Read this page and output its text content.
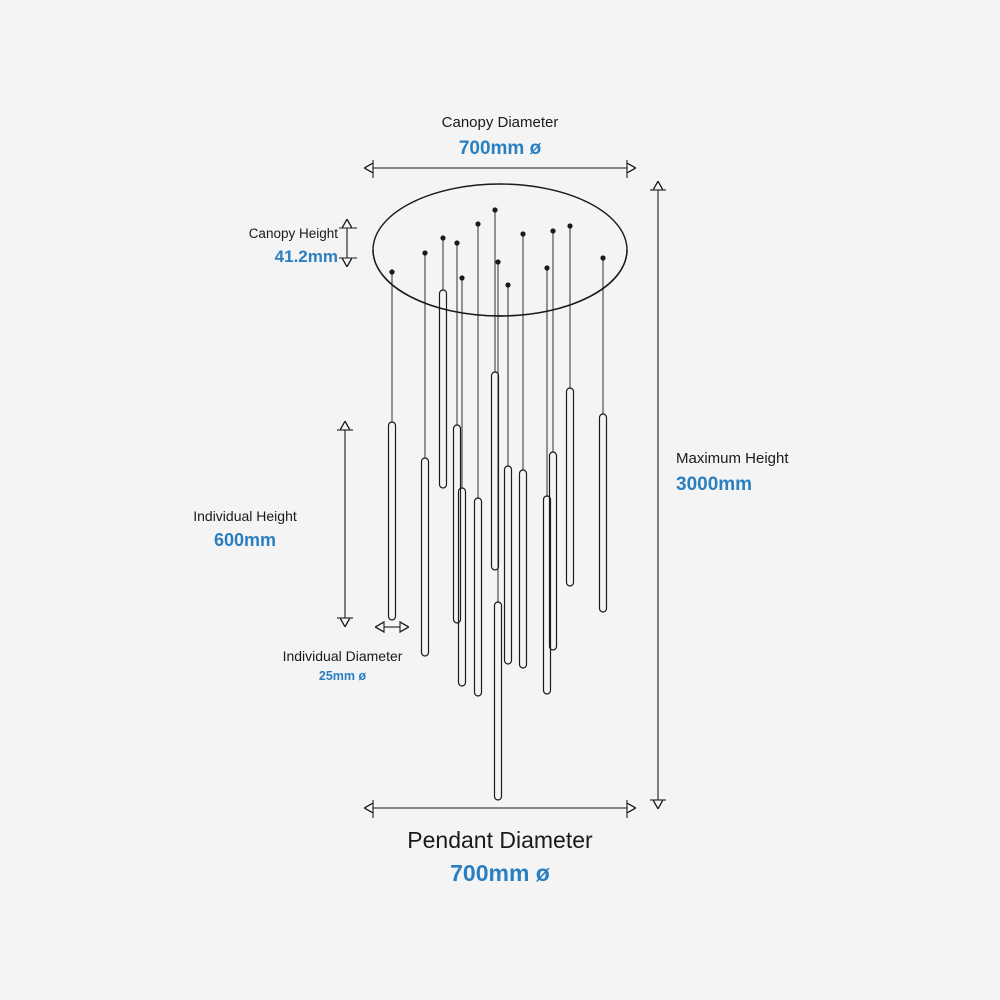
Canopy Diameter
700mm ø
Canopy Height
41.2mm
Individual Height
600mm
Individual Diameter
25mm ø
Maximum Height
3000mm
Pendant Diameter
700mm ø
